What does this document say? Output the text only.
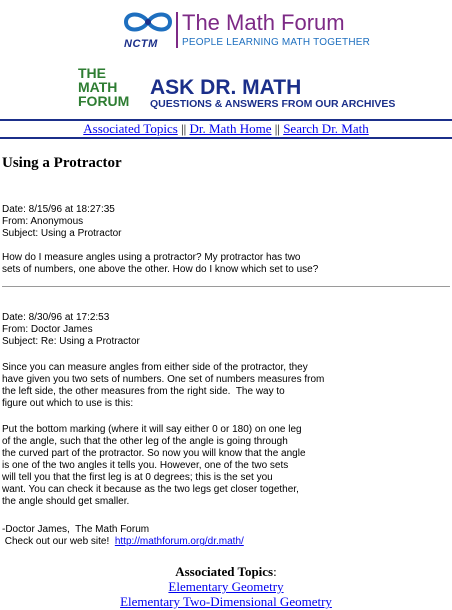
NCTM
The Math Forum
PEOPLE LEARNING MATH TOGETHER
THE
MATH
FORUM
ASK DR. MATH
QUESTIONS & ANSWERS FROM OUR ARCHIVES
Associated Topics || Dr. Math Home || Search Dr. Math
Using a Protractor
Date: 8/15/96 at 18:27:35
From: Anonymous
Subject: Using a Protractor
How do I measure angles using a protractor? My protractor has two
sets of numbers, one above the other. How do I know which set to use?
Date: 8/30/96 at 17:2:53
From: Doctor James
Subject: Re: Using a Protractor
Since you can measure angles from either side of the protractor, they
have given you two sets of numbers. One set of numbers measures from
the left side, the other measures from the right side.  The way to
figure out which to use is this:
Put the bottom marking (where it will say either 0 or 180) on one leg
of the angle, such that the other leg of the angle is going through
the curved part of the protractor. So now you will know that the angle
is one of the two angles it tells you. However, one of the two sets
will tell you that the first leg is at 0 degrees; this is the set you
want. You can check it because as the two legs get closer together,
the angle should get smaller.
-Doctor James,  The Math Forum
Check out our web site!  http://mathforum.org/dr.math/
Associated Topics:
Elementary Geometry
Elementary Two-Dimensional Geometry
